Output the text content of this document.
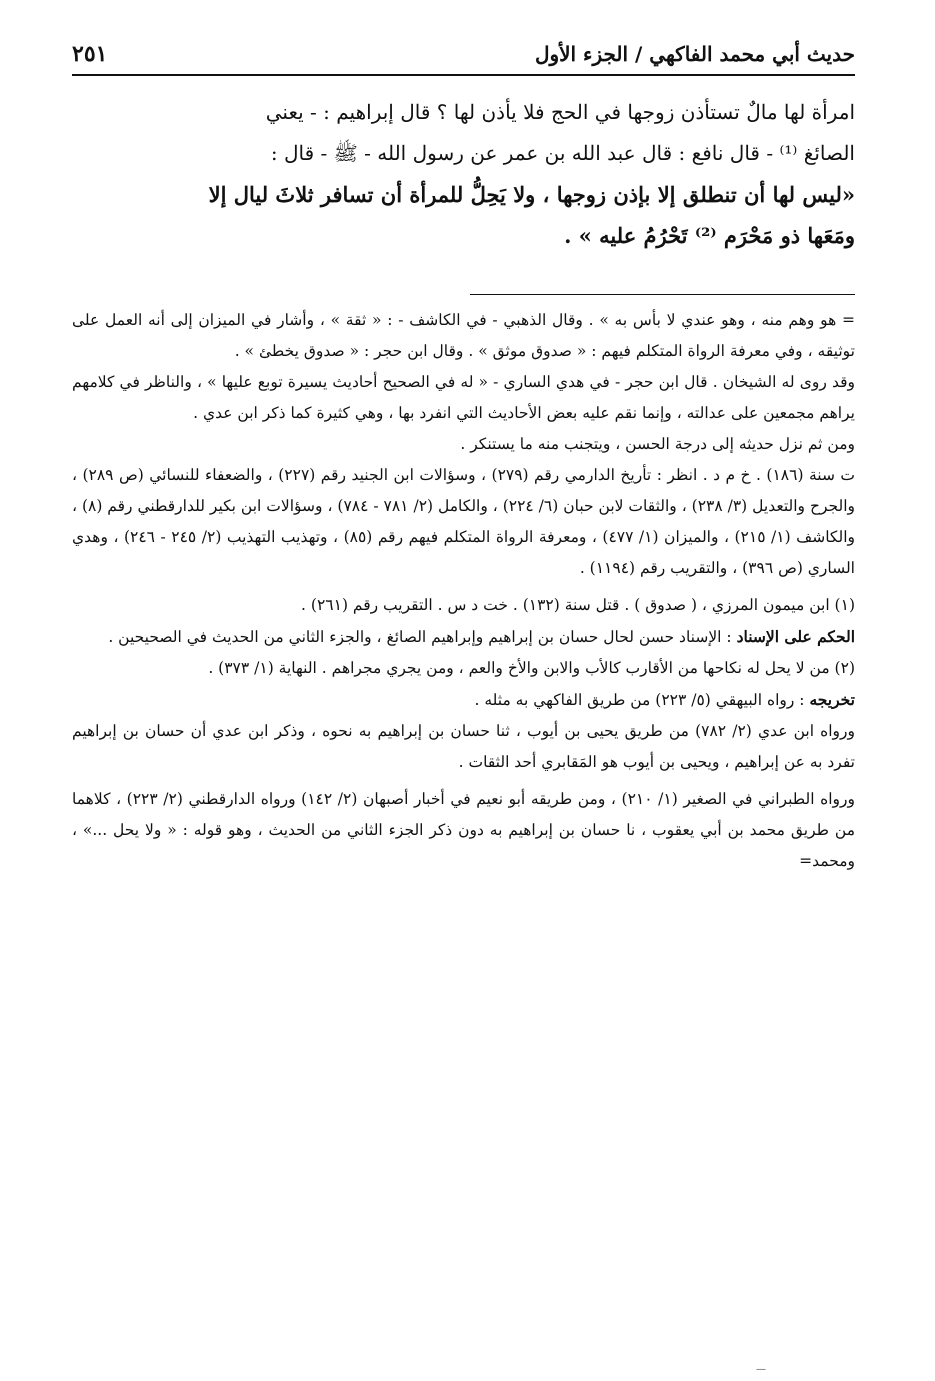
حديث أبي محمد الفاكهي / الجزء الأول
٢٥١
امرأة لها مالٌ تستأذن زوجها في الحج فلا يأذن لها ؟ قال إبراهيم : - يعني
الصائغ ⁽¹⁾ - قال نافع : قال عبد الله بن عمر عن رسول الله - ﷺ - قال :
«ليس لها أن تنطلق إلا بإذن زوجها ، ولا يَحِلُّ للمرأة أن تسافر ثلاثَ ليال إلا
ومَعَها ذو مَحْرَم ⁽²⁾ تَحْرُمُ عليه » .

= هو وهم منه ، وهو عندي لا بأس به » . وقال الذهبي - في الكاشف - : « ثقة » ، وأشار في الميزان إلى أنه العمل على توثيقه ، وفي معرفة الرواة المتكلم فيهم : « صدوق موثق » . وقال ابن حجر : « صدوق يخطئ » .

وقد روى له الشيخان . قال ابن حجر - في هدي الساري - « له في الصحيح أحاديث يسيرة توبع عليها » ، والناظر في كلامهم يراهم مجمعين على عدالته ، وإنما نقم عليه بعض الأحاديث التي انفرد بها ، وهي كثيرة كما ذكر ابن عدي .

ومن ثم نزل حديثه إلى درجة الحسن ، ويتجنب منه ما يستنكر .

ت سنة (١٨٦) . خ م د . انظر : تأريخ الدارمي رقم (٢٧٩) ، وسؤالات ابن الجنيد رقم (٢٢٧) ، والضعفاء للنسائي (ص ٢٨٩) ، والجرح والتعديل (٣/ ٢٣٨) ، والثقات لابن حبان (٦/ ٢٢٤) ، والكامل (٢/ ٧٨١ - ٧٨٤) ، وسؤالات ابن بكير للدارقطني رقم (٨) ، والكاشف (١/ ٢١٥) ، والميزان (١/ ٤٧٧) ، ومعرفة الرواة المتكلم فيهم رقم (٨٥) ، وتهذيب التهذيب (٢/ ٢٤٥ - ٢٤٦) ، وهدي الساري (ص ٣٩٦) ، والتقريب رقم (١١٩٤) .

(١) ابن ميمون المرزي ، ( صدوق ) . قتل سنة (١٣٢) . خت د س . التقريب رقم (٢٦١) .

الحكم على الإسناد : الإسناد حسن لحال حسان بن إبراهيم وإبراهيم الصائغ ، والجزء الثاني من الحديث في الصحيحين .

(٢) من لا يحل له نكاحها من الأقارب كالأب والابن والأخ والعم ، ومن يجري مجراهم . النهاية (١/ ٣٧٣) .

تخريجه : رواه البيهقي (٥/ ٢٢٣) من طريق الفاكهي به مثله .

ورواه ابن عدي (٢/ ٧٨٢) من طريق يحيى بن أيوب ، ثنا حسان بن إبراهيم به نحوه ، وذكر ابن عدي أن حسان بن إبراهيم تفرد به عن إبراهيم ، ويحيى بن أيوب هو المَقابري أحد الثقات .

ورواه الطبراني في الصغير (١/ ٢١٠) ، ومن طريقه أبو نعيم في أخبار أصبهان (٢/ ١٤٢) ورواه الدارقطني (٢/ ٢٢٣) ، كلاهما من طريق محمد بن أبي يعقوب ، نا حسان بن إبراهيم به دون ذكر الجزء الثاني من الحديث ، وهو قوله : « ولا يحل ...» ، ومحمد=

—
